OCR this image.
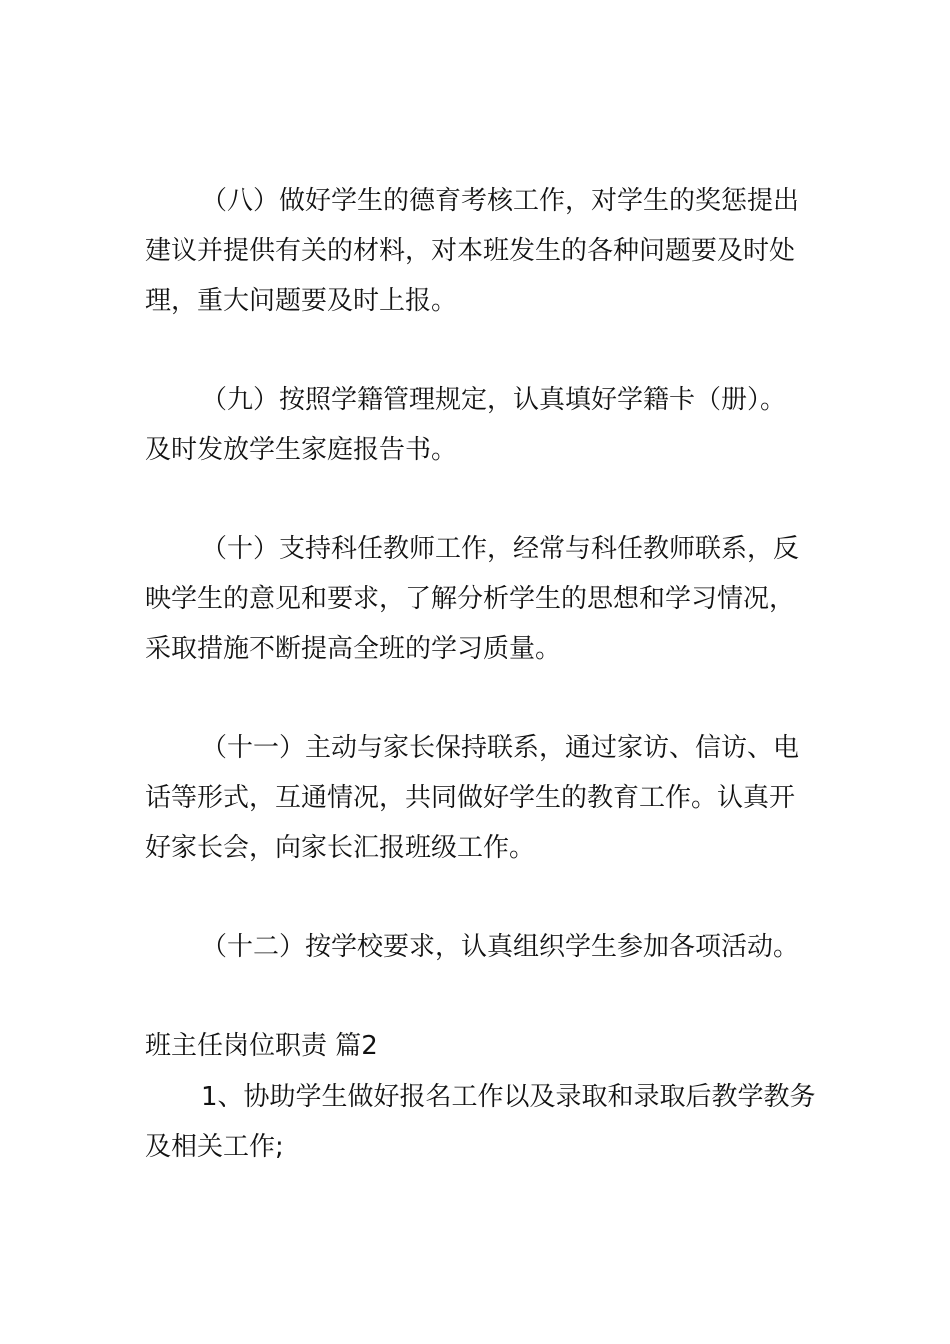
（八）做好学生的德育考核工作，对学生的奖惩提出
建议并提供有关的材料，对本班发生的各种问题要及时处
理，重大问题要及时上报。
（九）按照学籍管理规定，认真填好学籍卡（册）。
及时发放学生家庭报告书。
（十）支持科任教师工作，经常与科任教师联系，反
映学生的意见和要求，了解分析学生的思想和学习情况，
采取措施不断提高全班的学习质量。
（十一）主动与家长保持联系，通过家访、信访、电
话等形式，互通情况，共同做好学生的教育工作。认真开
好家长会，向家长汇报班级工作。
（十二）按学校要求，认真组织学生参加各项活动。
班主任岗位职责 篇2
1、协助学生做好报名工作以及录取和录取后教学教务
及相关工作;
